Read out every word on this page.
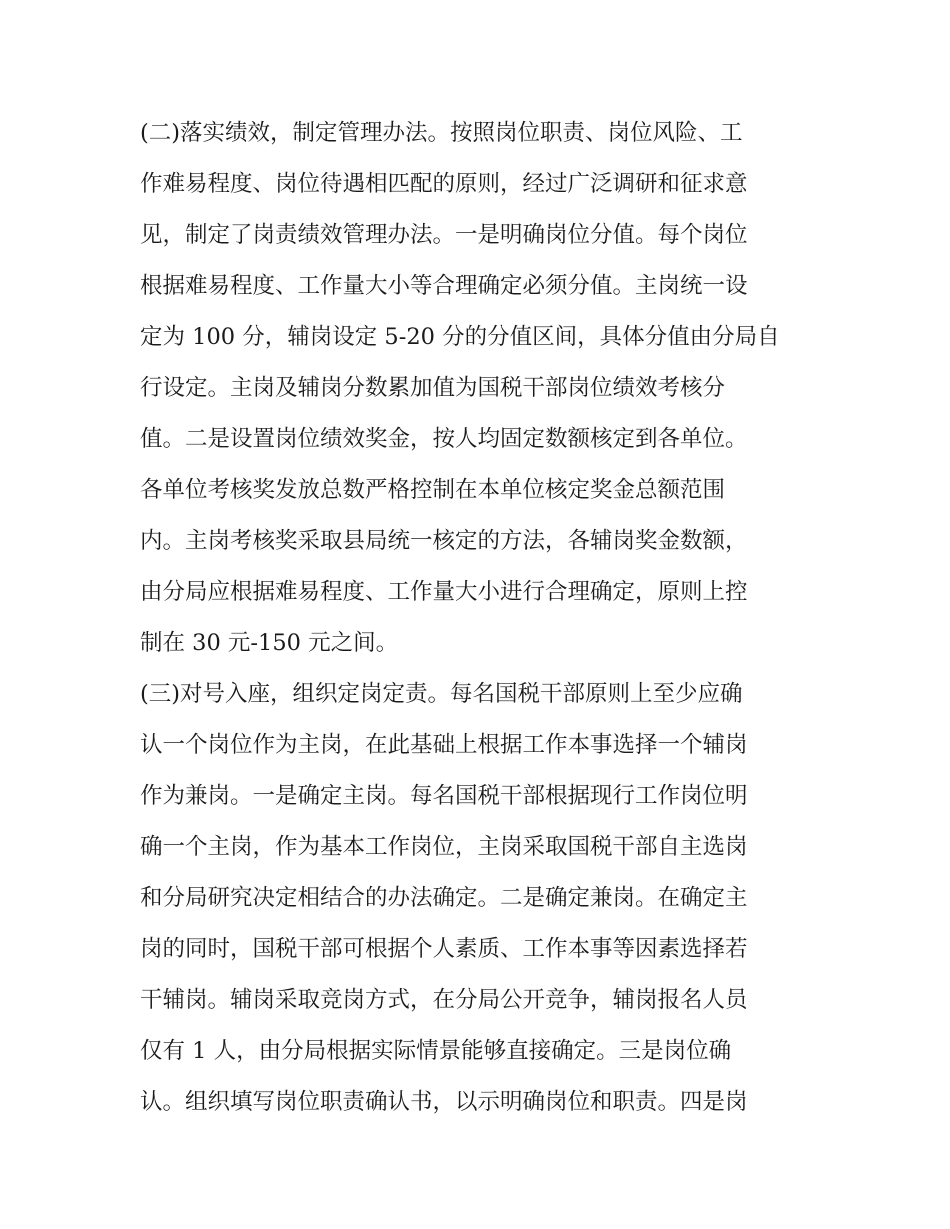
(二)落实绩效，制定管理办法。按照岗位职责、岗位风险、工
作难易程度、岗位待遇相匹配的原则，经过广泛调研和征求意
见，制定了岗责绩效管理办法。一是明确岗位分值。每个岗位
根据难易程度、工作量大小等合理确定必须分值。主岗统一设
定为 100 分，辅岗设定 5-20 分的分值区间，具体分值由分局自
行设定。主岗及辅岗分数累加值为国税干部岗位绩效考核分
值。二是设置岗位绩效奖金，按人均固定数额核定到各单位。
各单位考核奖发放总数严格控制在本单位核定奖金总额范围
内。主岗考核奖采取县局统一核定的方法，各辅岗奖金数额，
由分局应根据难易程度、工作量大小进行合理确定，原则上控
制在 30 元-150 元之间。
(三)对号入座，组织定岗定责。每名国税干部原则上至少应确
认一个岗位作为主岗，在此基础上根据工作本事选择一个辅岗
作为兼岗。一是确定主岗。每名国税干部根据现行工作岗位明
确一个主岗，作为基本工作岗位，主岗采取国税干部自主选岗
和分局研究决定相结合的办法确定。二是确定兼岗。在确定主
岗的同时，国税干部可根据个人素质、工作本事等因素选择若
干辅岗。辅岗采取竞岗方式，在分局公开竞争，辅岗报名人员
仅有 1 人，由分局根据实际情景能够直接确定。三是岗位确
认。组织填写岗位职责确认书，以示明确岗位和职责。四是岗
